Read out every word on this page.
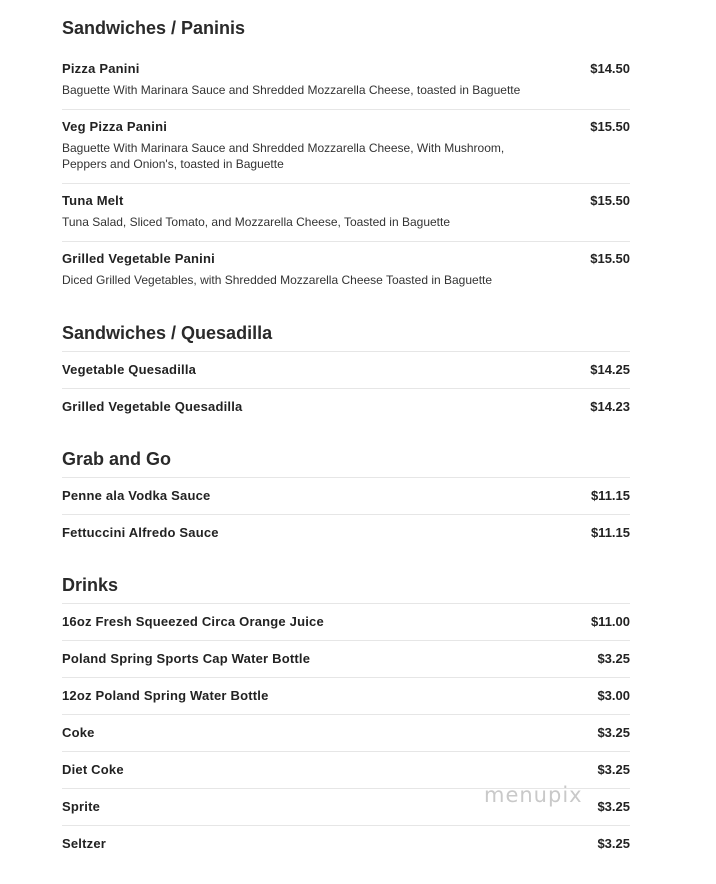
Sandwiches / Paninis
Pizza Panini
Baguette With Marinara Sauce and Shredded Mozzarella Cheese, toasted in Baguette
$14.50
Veg Pizza Panini
Baguette With Marinara Sauce and Shredded Mozzarella Cheese, With Mushroom, Peppers and Onion's, toasted in Baguette
$15.50
Tuna Melt
Tuna Salad, Sliced Tomato, and Mozzarella Cheese, Toasted in Baguette
$15.50
Grilled Vegetable Panini
Diced Grilled Vegetables, with Shredded Mozzarella Cheese Toasted in Baguette
$15.50
Sandwiches / Quesadilla
Vegetable Quesadilla	$14.25
Grilled Vegetable Quesadilla	$14.23
Grab and Go
Penne ala Vodka Sauce	$11.15
Fettuccini Alfredo Sauce	$11.15
Drinks
16oz Fresh Squeezed Circa Orange Juice	$11.00
Poland Spring Sports Cap Water Bottle	$3.25
12oz Poland Spring Water Bottle	$3.00
Coke	$3.25
Diet Coke	$3.25
Sprite	$3.25
Seltzer	$3.25
menupix
